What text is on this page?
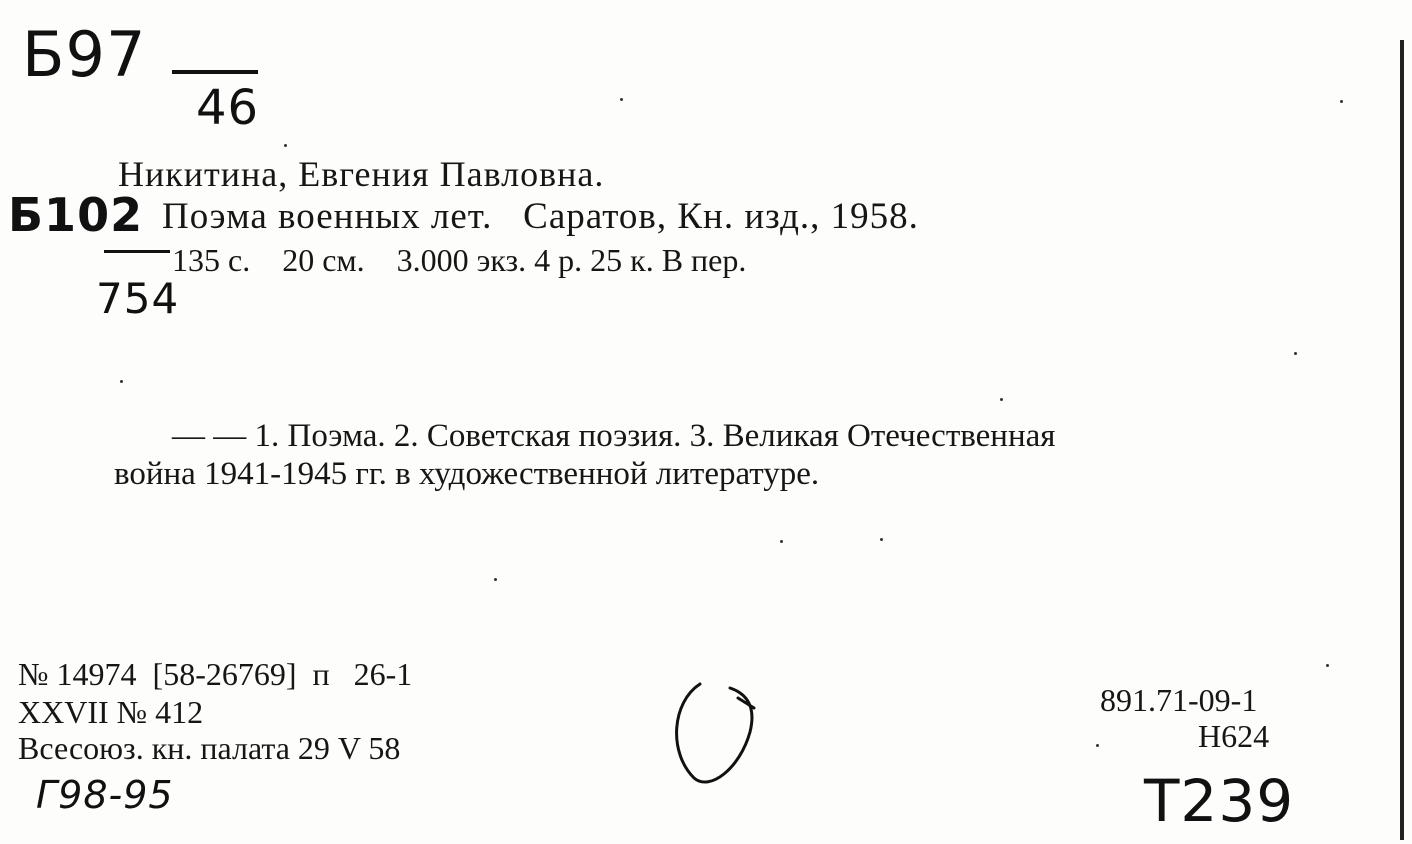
Б97
46
Никитина, Евгения Павловна.
Б102
754
Поэма военных лет.   Саратов, Кн. изд., 1958.
135 с.    20 см.    3.000 экз. 4 р. 25 к. В пер.
— — 1. Поэма. 2. Советская поэзия. 3. Великая Отечественная
война 1941-1945 гг. в художественной литературе.
№ 14974  [58-26769]  п   26-1
XXVII № 412
Всесоюз. кн. палата 29 V 58
Г98-95
891.71-09-1
Н624
Т239
